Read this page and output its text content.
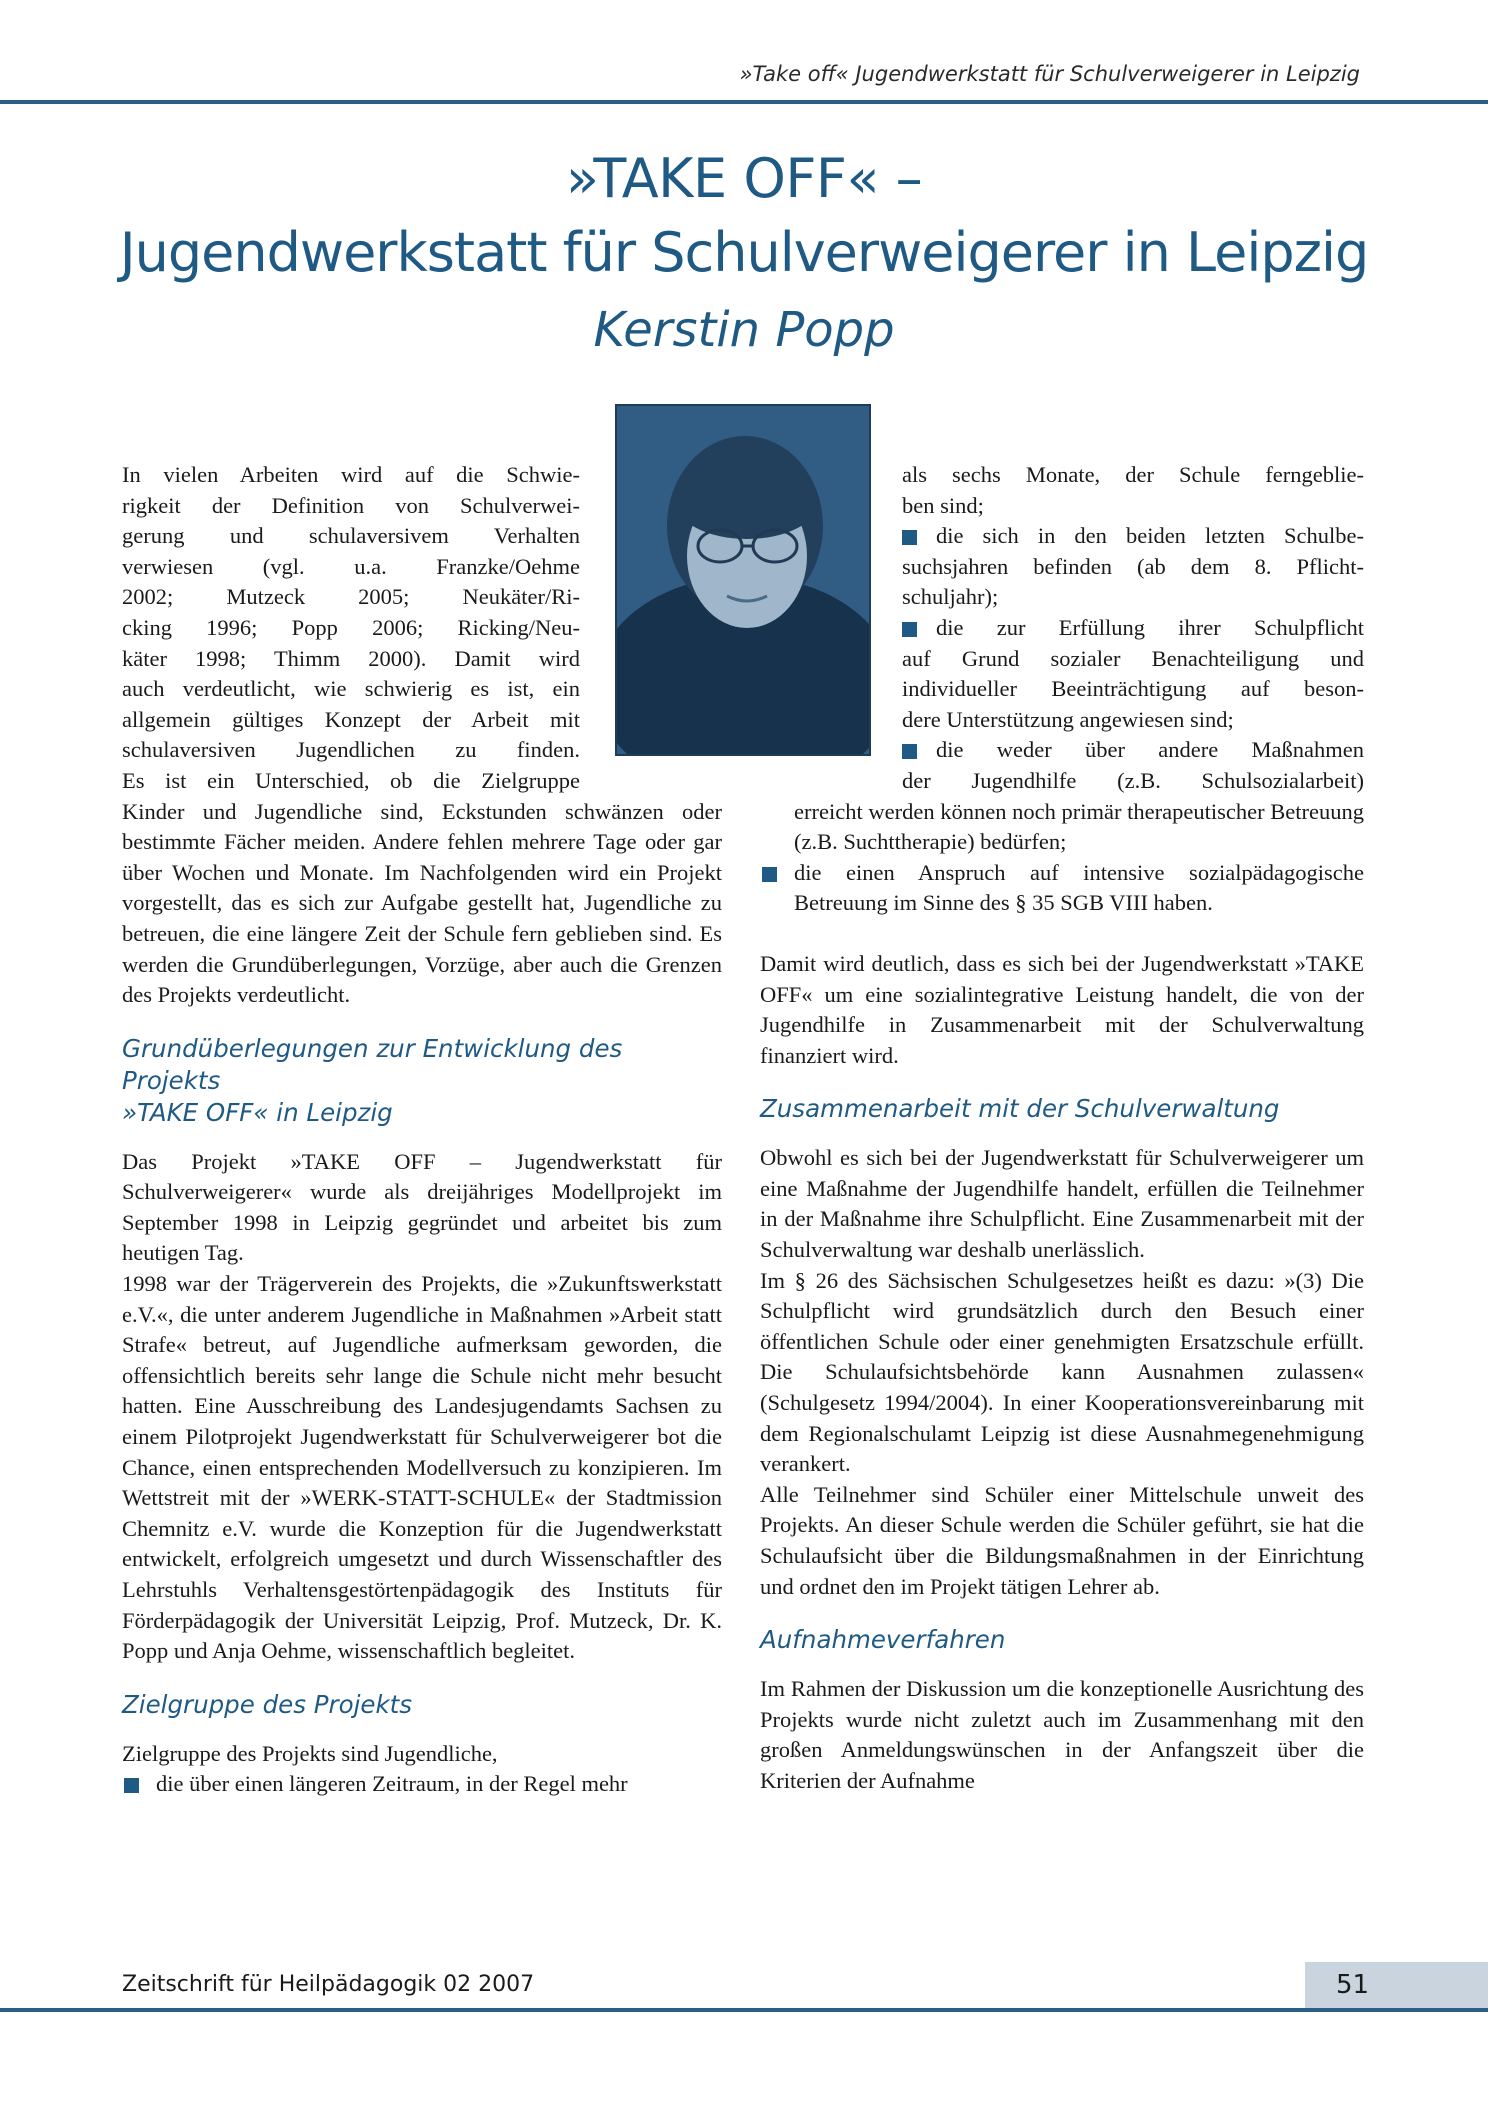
»Take off« Jugendwerkstatt für Schulverweigerer in Leipzig
»TAKE OFF« –
Jugendwerkstatt für Schulverweigerer in Leipzig
Kerstin Popp
In vielen Arbeiten wird auf die Schwie-
rigkeit der Definition von Schulverwei-
gerung und schulaversivem Verhalten
verwiesen (vgl. u.a. Franzke/Oehme
2002; Mutzeck 2005; Neukäter/Ri-
cking 1996; Popp 2006; Ricking/Neu-
käter 1998; Thimm 2000). Damit wird
auch verdeutlicht, wie schwierig es ist, ein
allgemein gültiges Konzept der Arbeit mit
schulaversiven Jugendlichen zu finden.
Es ist ein Unterschied, ob die Zielgruppe

Kinder und Jugendliche sind, Eckstunden schwänzen oder bestimmte Fächer meiden. Andere fehlen mehrere Tage oder gar über Wochen und Monate. Im Nachfolgenden wird ein Projekt vorgestellt, das es sich zur Aufgabe gestellt hat, Jugendliche zu betreuen, die eine längere Zeit der Schule fern geblieben sind. Es werden die Grundüberlegungen, Vorzüge, aber auch die Grenzen des Projekts verdeutlicht.

Grundüberlegungen zur Entwicklung des Projekts
»TAKE OFF« in Leipzig

Das Projekt »TAKE OFF – Jugendwerkstatt für Schulverweigerer« wurde als dreijähriges Modellprojekt im September 1998 in Leipzig gegründet und arbeitet bis zum heutigen Tag.

1998 war der Trägerverein des Projekts, die »Zukunftswerkstatt e.V.«, die unter anderem Jugendliche in Maßnahmen »Arbeit statt Strafe« betreut, auf Jugendliche aufmerksam geworden, die offensichtlich bereits sehr lange die Schule nicht mehr besucht hatten. Eine Ausschreibung des Landesjugendamts Sachsen zu einem Pilotprojekt Jugendwerkstatt für Schulverweigerer bot die Chance, einen entsprechenden Modellversuch zu konzipieren. Im Wettstreit mit der »WERK-STATT-SCHULE« der Stadtmission Chemnitz e.V. wurde die Konzeption für die Jugendwerkstatt entwickelt, erfolgreich umgesetzt und durch Wissenschaftler des Lehrstuhls Verhaltensgestörtenpädagogik des Instituts für Förderpädagogik der Universität Leipzig, Prof. Mutzeck, Dr. K. Popp und Anja Oehme, wissenschaftlich begleitet.

Zielgruppe des Projekts

Zielgruppe des Projekts sind Jugendliche,

die über einen längeren Zeitraum, in der Regel mehr
als sechs Monate, der Schule ferngeblie-
ben sind;
die sich in den beiden letzten Schulbe-
suchsjahren befinden (ab dem 8. Pflicht-
schuljahr);
die zur Erfüllung ihrer Schulpflicht
auf Grund sozialer Benachteiligung und
individueller Beeinträchtigung auf beson-
dere Unterstützung angewiesen sind;
die weder über andere Maßnahmen
der Jugendhilfe (z.B. Schulsozialarbeit)
erreicht werden können noch primär therapeutischer Betreuung (z.B. Suchttherapie) bedürfen;
die einen Anspruch auf intensive sozialpädagogische Betreuung im Sinne des § 35 SGB VIII haben.

Damit wird deutlich, dass es sich bei der Jugendwerkstatt »TAKE OFF« um eine sozialintegrative Leistung handelt, die von der Jugendhilfe in Zusammenarbeit mit der Schulverwaltung finanziert wird.

Zusammenarbeit mit der Schulverwaltung

Obwohl es sich bei der Jugendwerkstatt für Schulverweigerer um eine Maßnahme der Jugendhilfe handelt, erfüllen die Teilnehmer in der Maßnahme ihre Schulpflicht. Eine Zusammenarbeit mit der Schulverwaltung war deshalb unerlässlich.

Im § 26 des Sächsischen Schulgesetzes heißt es dazu: »(3) Die Schulpflicht wird grundsätzlich durch den Besuch einer öffentlichen Schule oder einer genehmigten Ersatzschule erfüllt. Die Schulaufsichtsbehörde kann Ausnahmen zulassen« (Schulgesetz 1994/2004). In einer Kooperationsvereinbarung mit dem Regionalschulamt Leipzig ist diese Ausnahmegenehmigung verankert.

Alle Teilnehmer sind Schüler einer Mittelschule unweit des Projekts. An dieser Schule werden die Schüler geführt, sie hat die Schulaufsicht über die Bildungsmaßnahmen in der Einrichtung und ordnet den im Projekt tätigen Lehrer ab.

Aufnahmeverfahren

Im Rahmen der Diskussion um die konzeptionelle Ausrichtung des Projekts wurde nicht zuletzt auch im Zusammenhang mit den großen Anmeldungswünschen in der Anfangszeit über die Kriterien der Aufnahme

Zeitschrift für Heilpädagogik 02 2007	51
